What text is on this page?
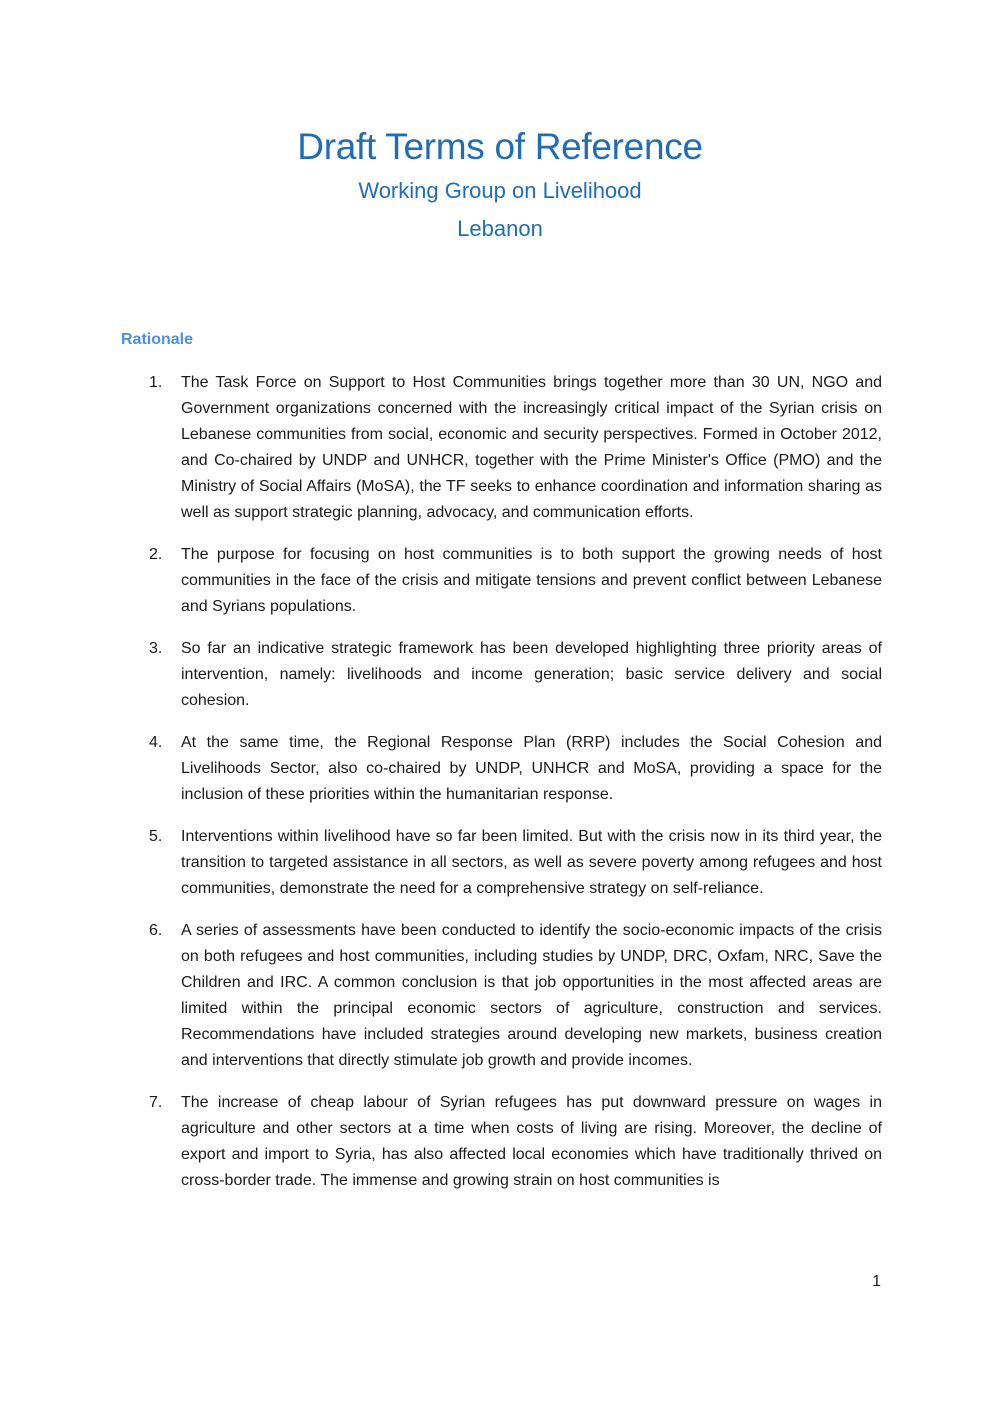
Draft Terms of Reference

Working Group on Livelihood

Lebanon

Rationale
1.	The Task Force on Support to Host Communities brings together more than 30 UN, NGO and Government organizations concerned with the increasingly critical impact of the Syrian crisis on Lebanese communities from social, economic and security perspectives. Formed in October 2012, and Co-chaired by UNDP and UNHCR, together with the Prime Minister's Office (PMO) and the Ministry of Social Affairs (MoSA), the TF seeks to enhance coordination and information sharing as well as support strategic planning, advocacy, and communication efforts.

2.	The purpose for focusing on host communities is to both support the growing needs of host communities in the face of the crisis and mitigate tensions and prevent conflict between Lebanese and Syrians populations.

3.	So far an indicative strategic framework has been developed highlighting three priority areas of intervention, namely: livelihoods and income generation; basic service delivery and social cohesion.

4.	At the same time, the Regional Response Plan (RRP) includes the Social Cohesion and Livelihoods Sector, also co-chaired by UNDP, UNHCR and MoSA, providing a space for the inclusion of these priorities within the humanitarian response.

5.	Interventions within livelihood have so far been limited. But with the crisis now in its third year, the transition to targeted assistance in all sectors, as well as severe poverty among refugees and host communities, demonstrate the need for a comprehensive strategy on self-reliance.

6.	A series of assessments have been conducted to identify the socio-economic impacts of the crisis on both refugees and host communities, including studies by UNDP, DRC, Oxfam, NRC, Save the Children and IRC. A common conclusion is that job opportunities in the most affected areas are limited within the principal economic sectors of agriculture, construction and services. Recommendations have included strategies around developing new markets, business creation and interventions that directly stimulate job growth and provide incomes.

7.	The increase of cheap labour of Syrian refugees has put downward pressure on wages in agriculture and other sectors at a time when costs of living are rising. Moreover, the decline of export and import to Syria, has also affected local economies which have traditionally thrived on cross-border trade. The immense and growing strain on host communities is

1
